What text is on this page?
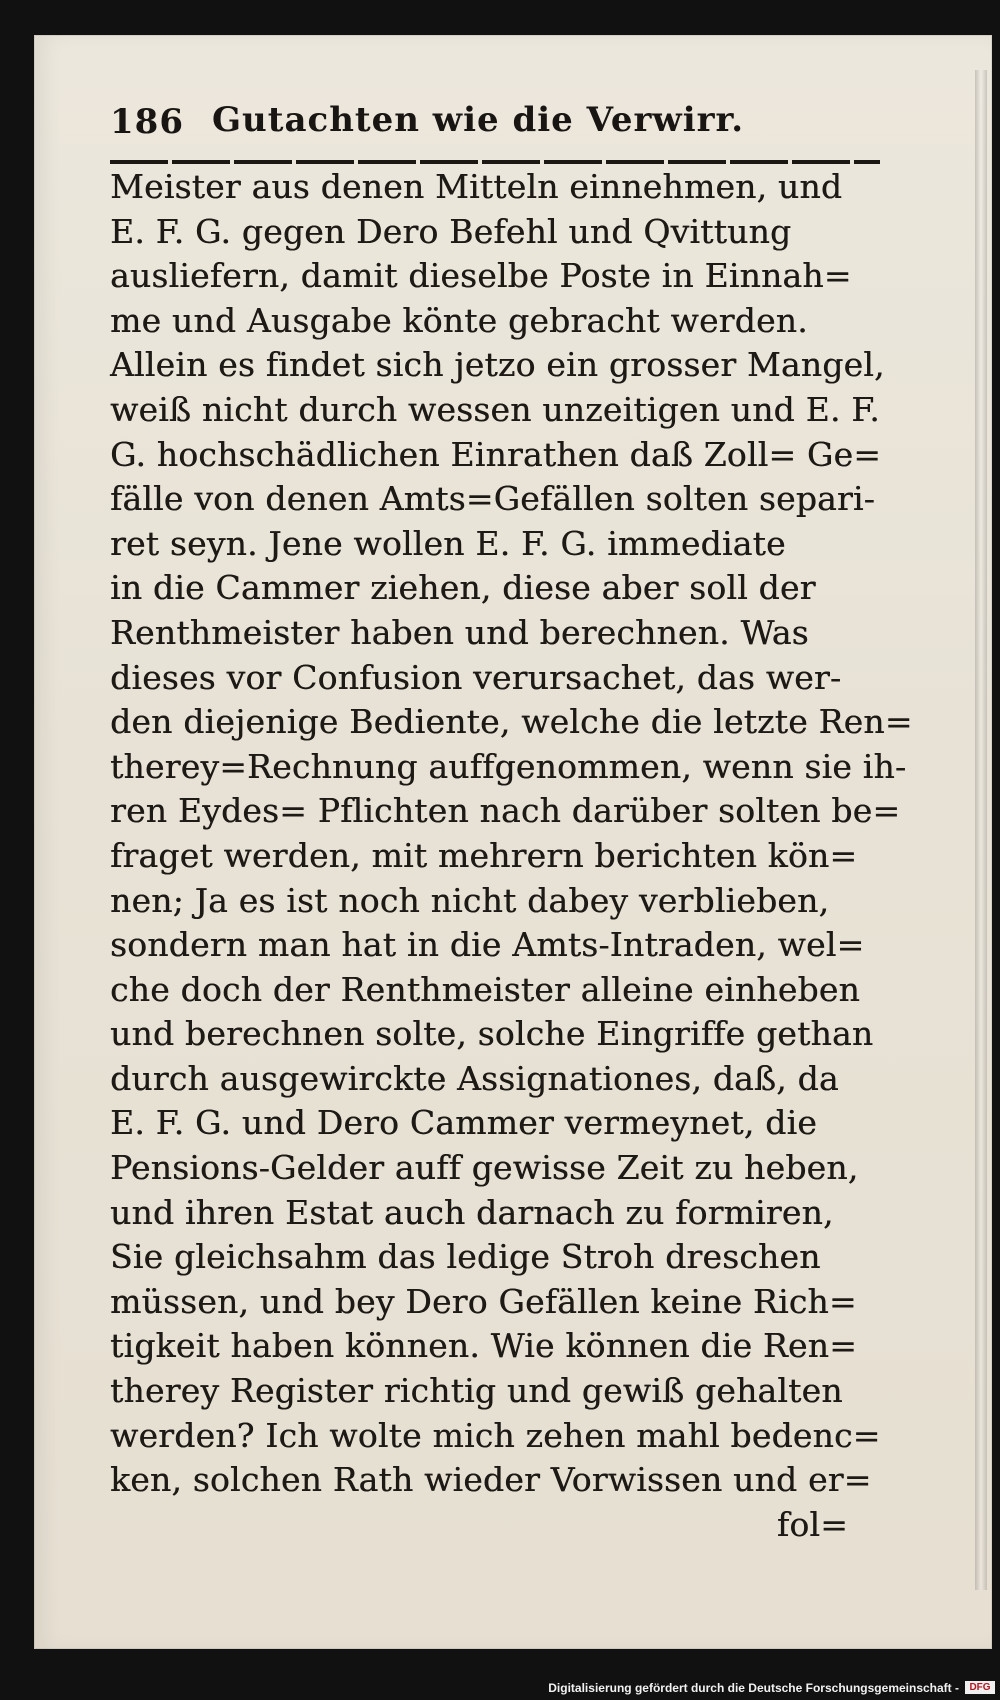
186 Gutachten wie die Verwirr.
Meister aus denen Mitteln einnehmen, und
E. F. G. gegen Dero Befehl und Qvittung
ausliefern, damit dieselbe Poste in Einnah=
me und Ausgabe könte gebracht werden.
Allein es findet sich jetzo ein grosser Mangel,
weiß nicht durch wessen unzeitigen und E. F.
G. hochschädlichen Einrathen daß Zoll= Ge=
fälle von denen Amts=Gefällen solten separi-
ret seyn. Jene wollen E. F. G. immediate
in die Cammer ziehen, diese aber soll der
Renthmeister haben und berechnen. Was
dieses vor Confusion verursachet, das wer-
den diejenige Bediente, welche die letzte Ren=
therey=Rechnung auffgenommen, wenn sie ih-
ren Eydes= Pflichten nach darüber solten be=
fraget werden, mit mehrern berichten kön=
nen; Ja es ist noch nicht dabey verblieben,
sondern man hat in die Amts-Intraden, wel=
che doch der Renthmeister alleine einheben
und berechnen solte, solche Eingriffe gethan
durch ausgewirckte Assignationes, daß, da
E. F. G. und Dero Cammer vermeynet, die
Pensions-Gelder auff gewisse Zeit zu heben,
und ihren Estat auch darnach zu formiren,
Sie gleichsahm das ledige Stroh dreschen
müssen, und bey Dero Gefällen keine Rich=
tigkeit haben können. Wie können die Ren=
therey Register richtig und gewiß gehalten
werden? Ich wolte mich zehen mahl bedenc=
ken, solchen Rath wieder Vorwissen und er=
fol=
Digitalisierung gefördert durch die Deutsche Forschungsgemeinschaft -	DFG
